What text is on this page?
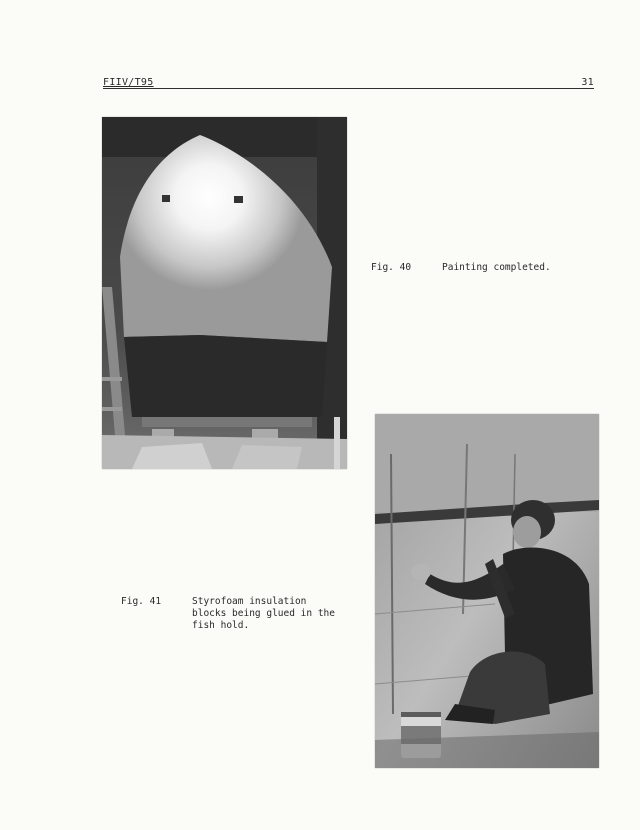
FIIV/T95	31
Fig. 40	Painting completed.
Fig. 41	Styrofoam insulation blocks being glued in the fish hold.
